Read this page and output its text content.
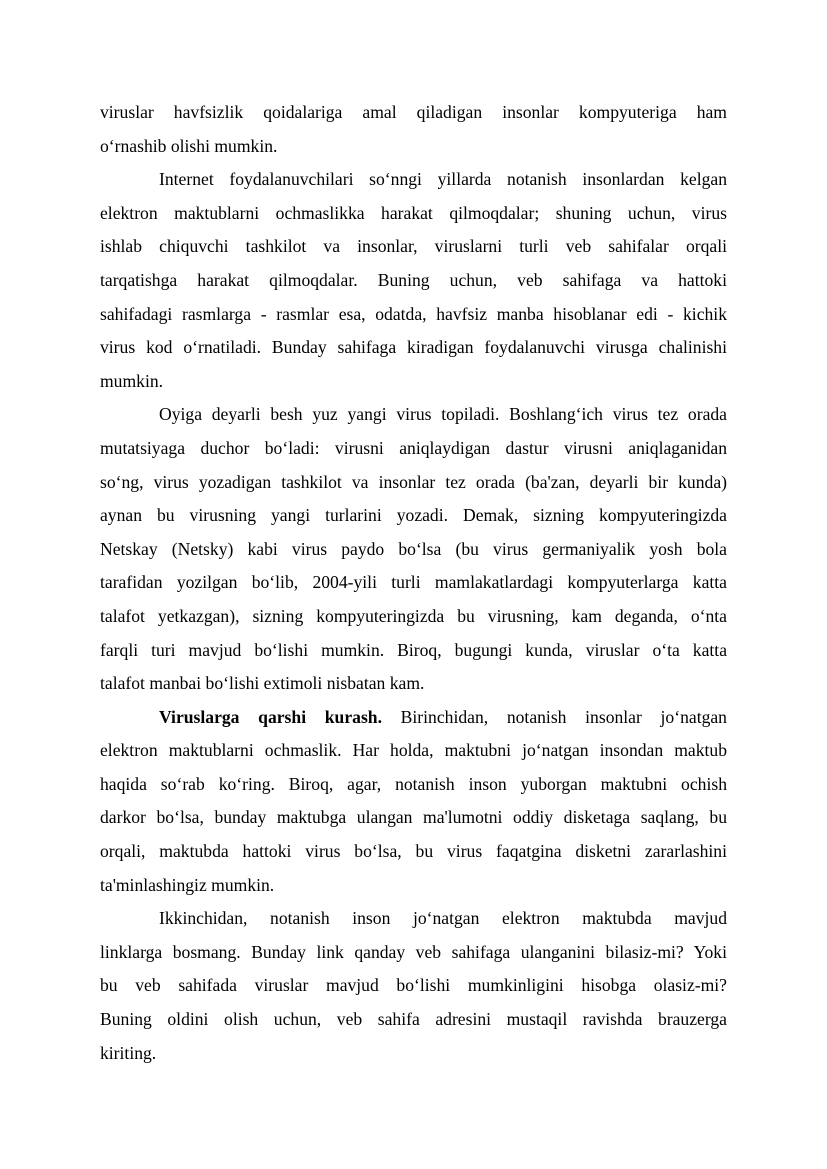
viruslar havfsizlik qoidalariga amal qiladigan insonlar kompyuteriga ham
o‘rnashib olishi mumkin.
Internet foydalanuvchilari so‘nngi yillarda notanish insonlardan kelgan
elektron maktublarni ochmaslikka harakat qilmoqdalar; shuning uchun, virus
ishlab chiquvchi tashkilot va insonlar, viruslarni turli veb sahifalar orqali
tarqatishga harakat qilmoqdalar. Buning uchun, veb sahifaga va hattoki
sahifadagi rasmlarga - rasmlar esa, odatda, havfsiz manba hisoblanar edi - kichik
virus kod o‘rnatiladi. Bunday sahifaga kiradigan foydalanuvchi virusga chalinishi
mumkin.
Oyiga deyarli besh yuz yangi virus topiladi. Boshlang‘ich virus tez orada
mutatsiyaga duchor bo‘ladi: virusni aniqlaydigan dastur virusni aniqlaganidan
so‘ng, virus yozadigan tashkilot va insonlar tez orada (ba'zan, deyarli bir kunda)
aynan bu virusning yangi turlarini yozadi. Demak, sizning kompyuteringizda
Netskay (Netsky) kabi virus paydo bo‘lsa (bu virus germaniyalik yosh bola
tarafidan yozilgan bo‘lib, 2004-yili turli mamlakatlardagi kompyuterlarga katta
talafot yetkazgan), sizning kompyuteringizda bu virusning, kam deganda, o‘nta
farqli turi mavjud bo‘lishi mumkin. Biroq, bugungi kunda, viruslar o‘ta katta
talafot manbai bo‘lishi extimoli nisbatan kam.
Viruslarga qarshi kurash. Birinchidan, notanish insonlar jo‘natgan
elektron maktublarni ochmaslik. Har holda, maktubni jo‘natgan insondan maktub
haqida so‘rab ko‘ring. Biroq, agar, notanish inson yuborgan maktubni ochish
darkor bo‘lsa, bunday maktubga ulangan ma'lumotni oddiy disketaga saqlang, bu
orqali, maktubda hattoki virus bo‘lsa, bu virus faqatgina disketni zararlashini
ta'minlashingiz mumkin.
Ikkinchidan, notanish inson jo‘natgan elektron maktubda mavjud
linklarga bosmang. Bunday link qanday veb sahifaga ulanganini bilasiz-mi? Yoki
bu veb sahifada viruslar mavjud bo‘lishi mumkinligini hisobga olasiz-mi?
Buning oldini olish uchun, veb sahifa adresini mustaqil ravishda brauzerga
kiriting.
